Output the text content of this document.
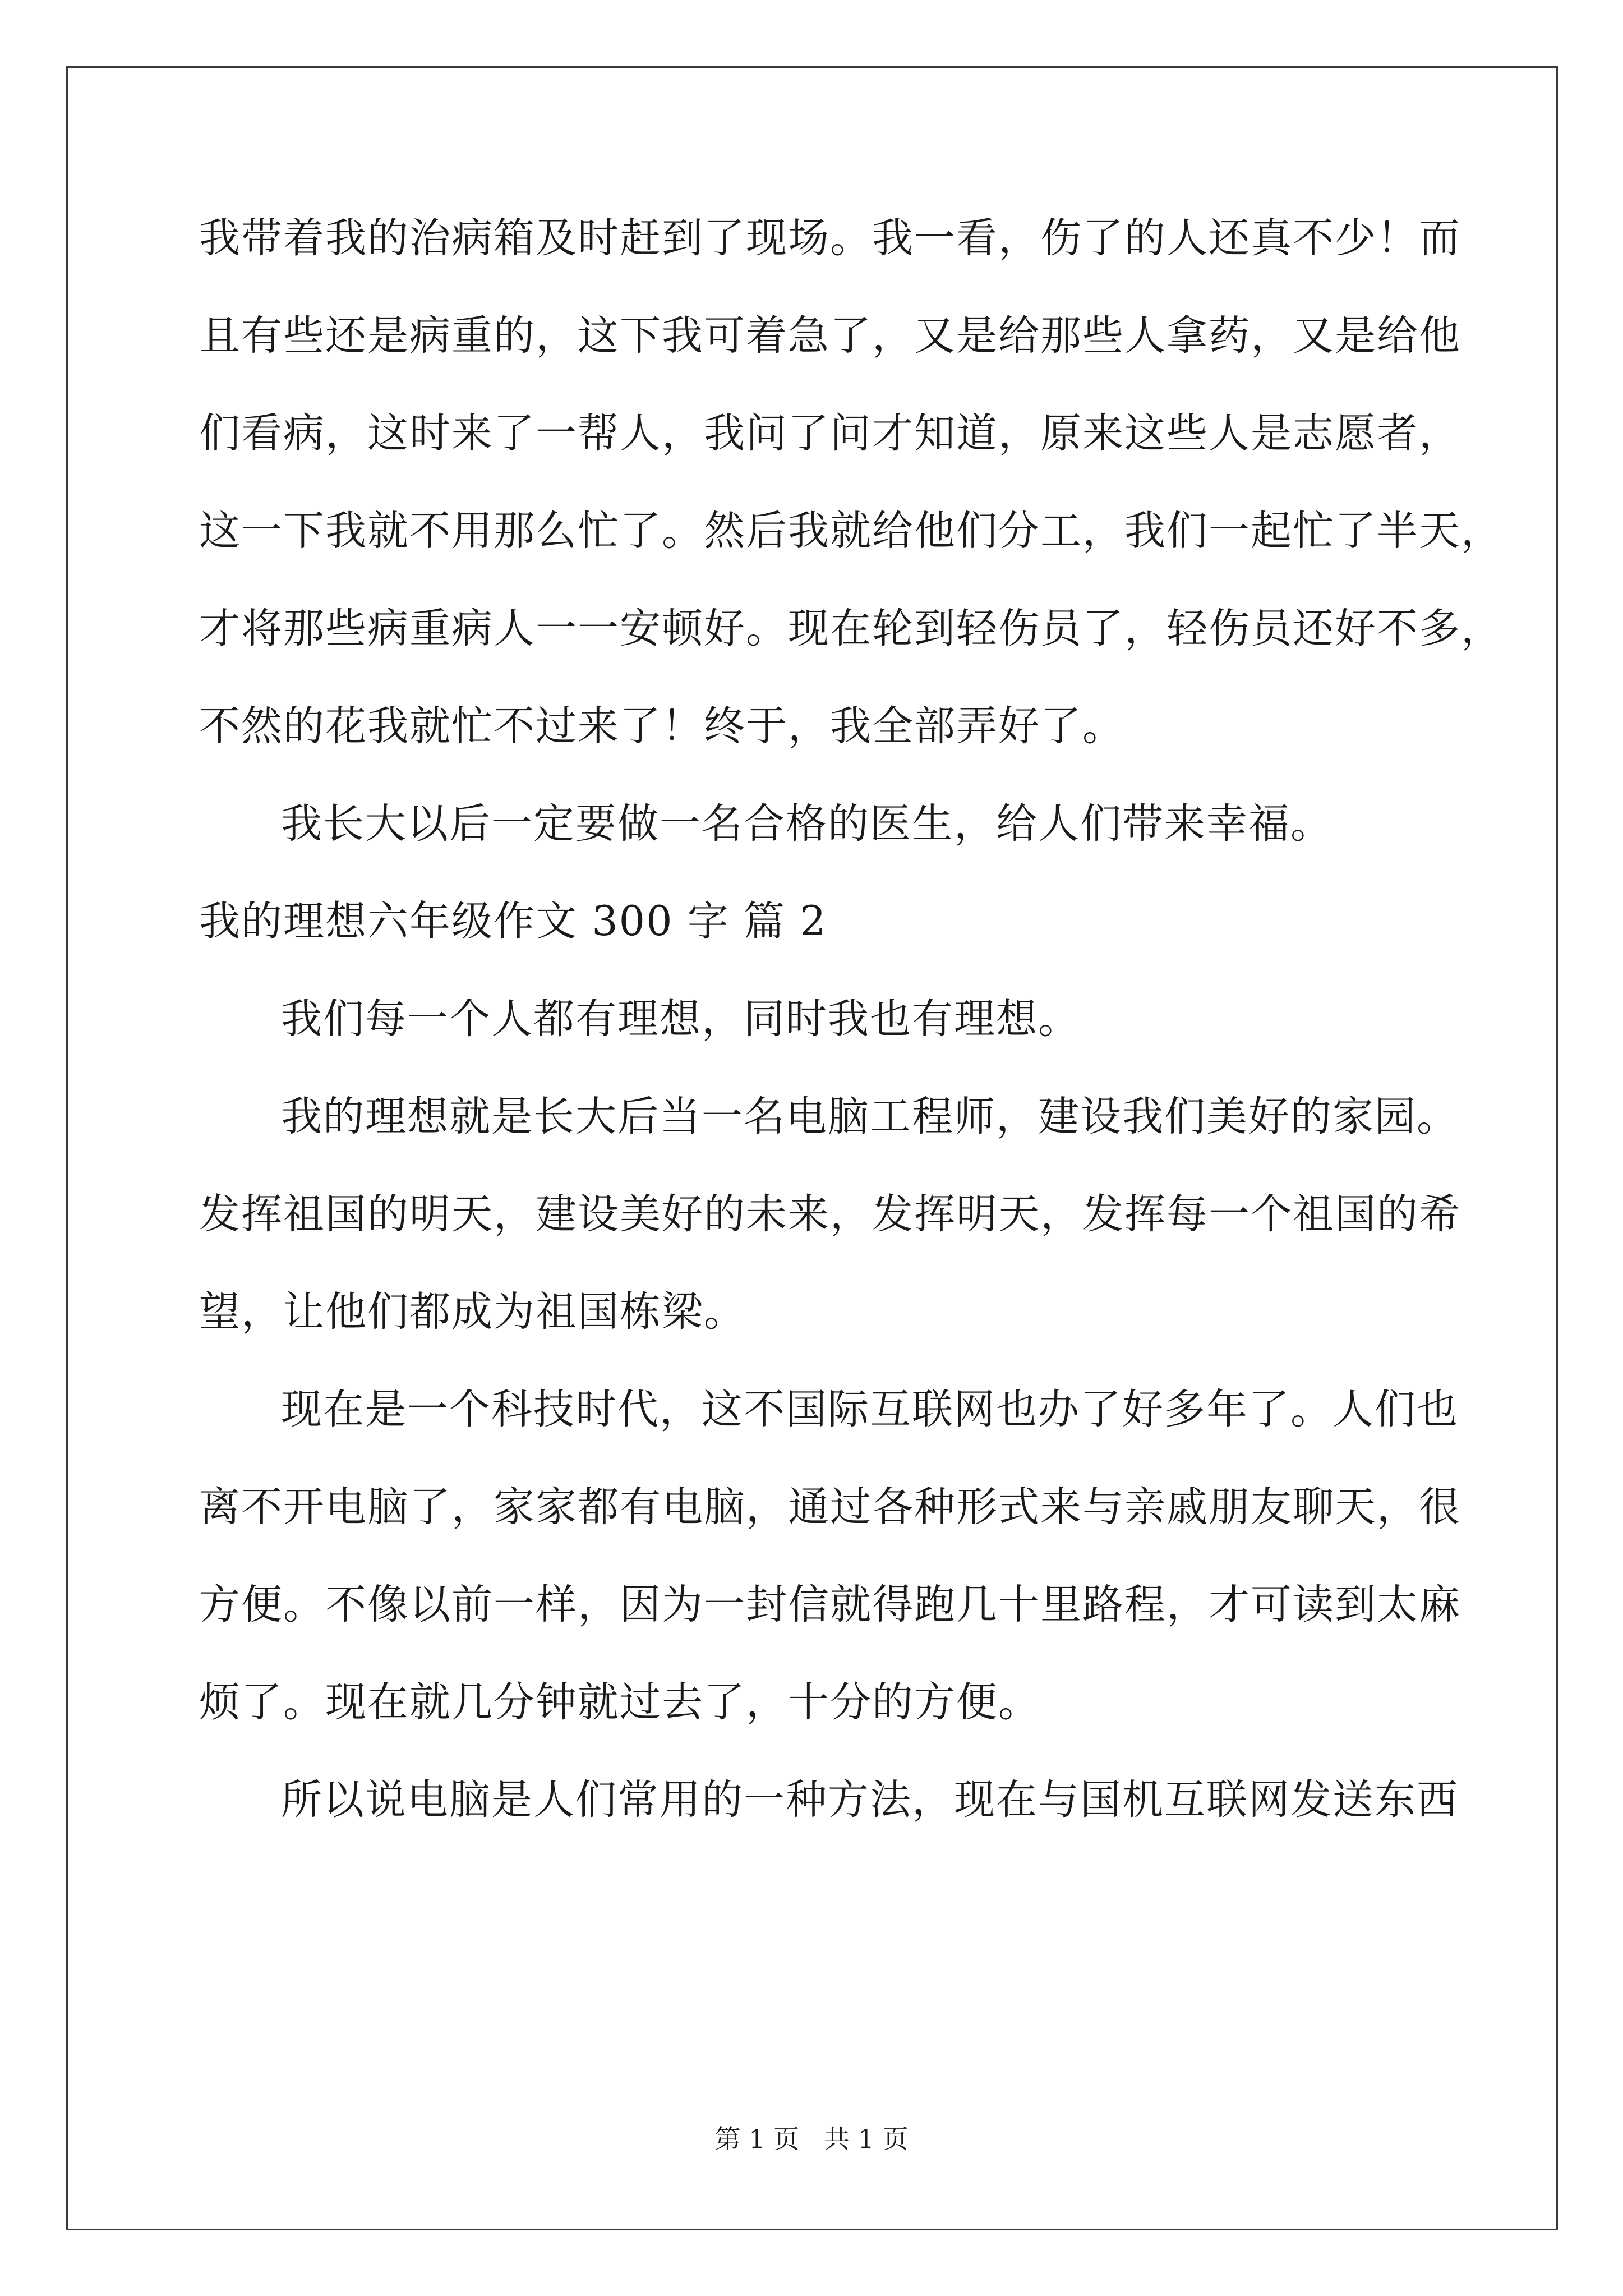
我带着我的治病箱及时赶到了现场。我一看，伤了的人还真不少！而
且有些还是病重的，这下我可着急了，又是给那些人拿药，又是给他
们看病，这时来了一帮人，我问了问才知道，原来这些人是志愿者，
这一下我就不用那么忙了。然后我就给他们分工，我们一起忙了半天，
才将那些病重病人一一安顿好。现在轮到轻伤员了，轻伤员还好不多，
不然的花我就忙不过来了！终于，我全部弄好了。
我长大以后一定要做一名合格的医生，给人们带来幸福。
我的理想六年级作文 300 字 篇 2
我们每一个人都有理想，同时我也有理想。
我的理想就是长大后当一名电脑工程师，建设我们美好的家园。
发挥祖国的明天，建设美好的未来，发挥明天，发挥每一个祖国的希
望，让他们都成为祖国栋梁。
现在是一个科技时代，这不国际互联网也办了好多年了。人们也
离不开电脑了，家家都有电脑，通过各种形式来与亲戚朋友聊天，很
方便。不像以前一样，因为一封信就得跑几十里路程，才可读到太麻
烦了。现在就几分钟就过去了，十分的方便。
所以说电脑是人们常用的一种方法，现在与国机互联网发送东西
第 1 页 共 1 页
